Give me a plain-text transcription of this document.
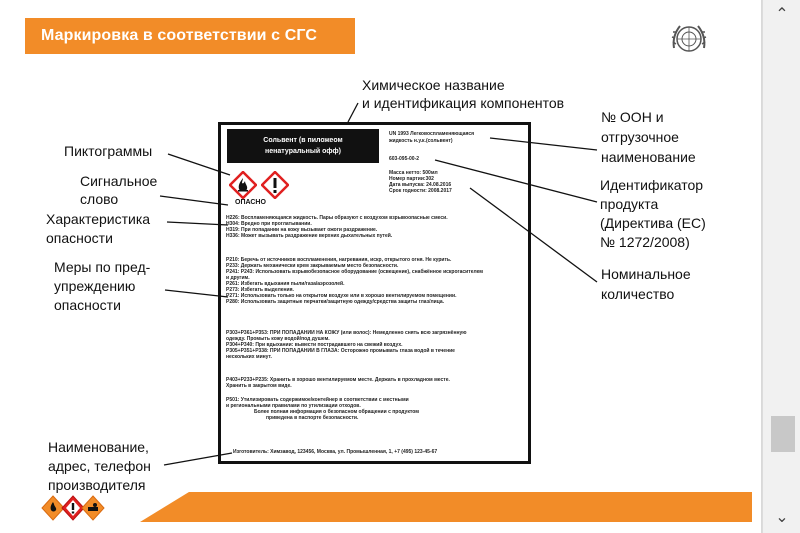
Маркировка в соответствии с СГС
Химическое название
и идентификация компонентов
№ ООН и
отгрузочное
наименование
Пиктограммы
Сигнальное
слово
Характеристика
опасности
Идентификатор
продукта
(Директива (ЕС)
№ 1272/2008)
Меры по пред-
упреждению
опасности
Номинальное
количество
Наименование,
адрес, телефон
производителя
Сольвент (в пиложеом
ненатуральный офф)
UN 1993 Легковоспламеняющаяся
жидкость н.у.к.(сольвент)
603-095-00-2
Масса нетто: 500мл
Номер партии:302
Дата выпуска: 24.08.2016
Срок годности: 2008.2017
ОПАСНО
H226: Воспламеняющаяся жидкость. Пары образуют с воздухом взрывоопасные смеси.
H304: Вредно при проглатывании.
H319: При попадании на кожу вызывает ожоги раздражение.
H336: Может вызывать раздражение верхних дыхательных путей.
P210: Беречь от источников воспламенения, нагревания, искр, открытого огня. Не курить.
P233: Держать механически крем закрываемым место безопасности.
P241: P243: Использовать взрывобезопасное оборудование (освещение), снабжённое искрогасителем
и другим.
P261: Избегать вдыхания пыли/газа/аэрозолей.
P273: Избегать выделения.
P271: Использовать только на открытом воздухе или в хорошо вентилируемом помещении.
P280: Использовать защитные перчатки/защитную одежду/средства защиты глаз/лица.
P303+P361+P353: ПРИ ПОПАДАНИИ НА КОЖУ (или волос): Немедленно снять всю загрязнённую
одежду. Промыть кожу водой/под душем.
P304+P340: При вдыхании: вывести пострадавшего на свежий воздух.
P305+P351+P338: ПРИ ПОПАДАНИИ В ГЛАЗА: Осторожно промывать глаза водой в течение
нескольких минут.
P403+P233+P235: Хранить в хорошо вентилируемом месте. Держать в прохладном месте.
Хранить в закрытом виде.
P501: Утилизировать содержимое/контейнер в соответствии с местными
и региональными правилами по утилизации отходов.
Более полная информация о безопасном обращении с продуктом
приведена в паспорте безопасности.
Изготовитель: Химзавод, 123456, Москва, ул. Промышленная, 1, +7 (495) 123-45-67
⌃
⌄
